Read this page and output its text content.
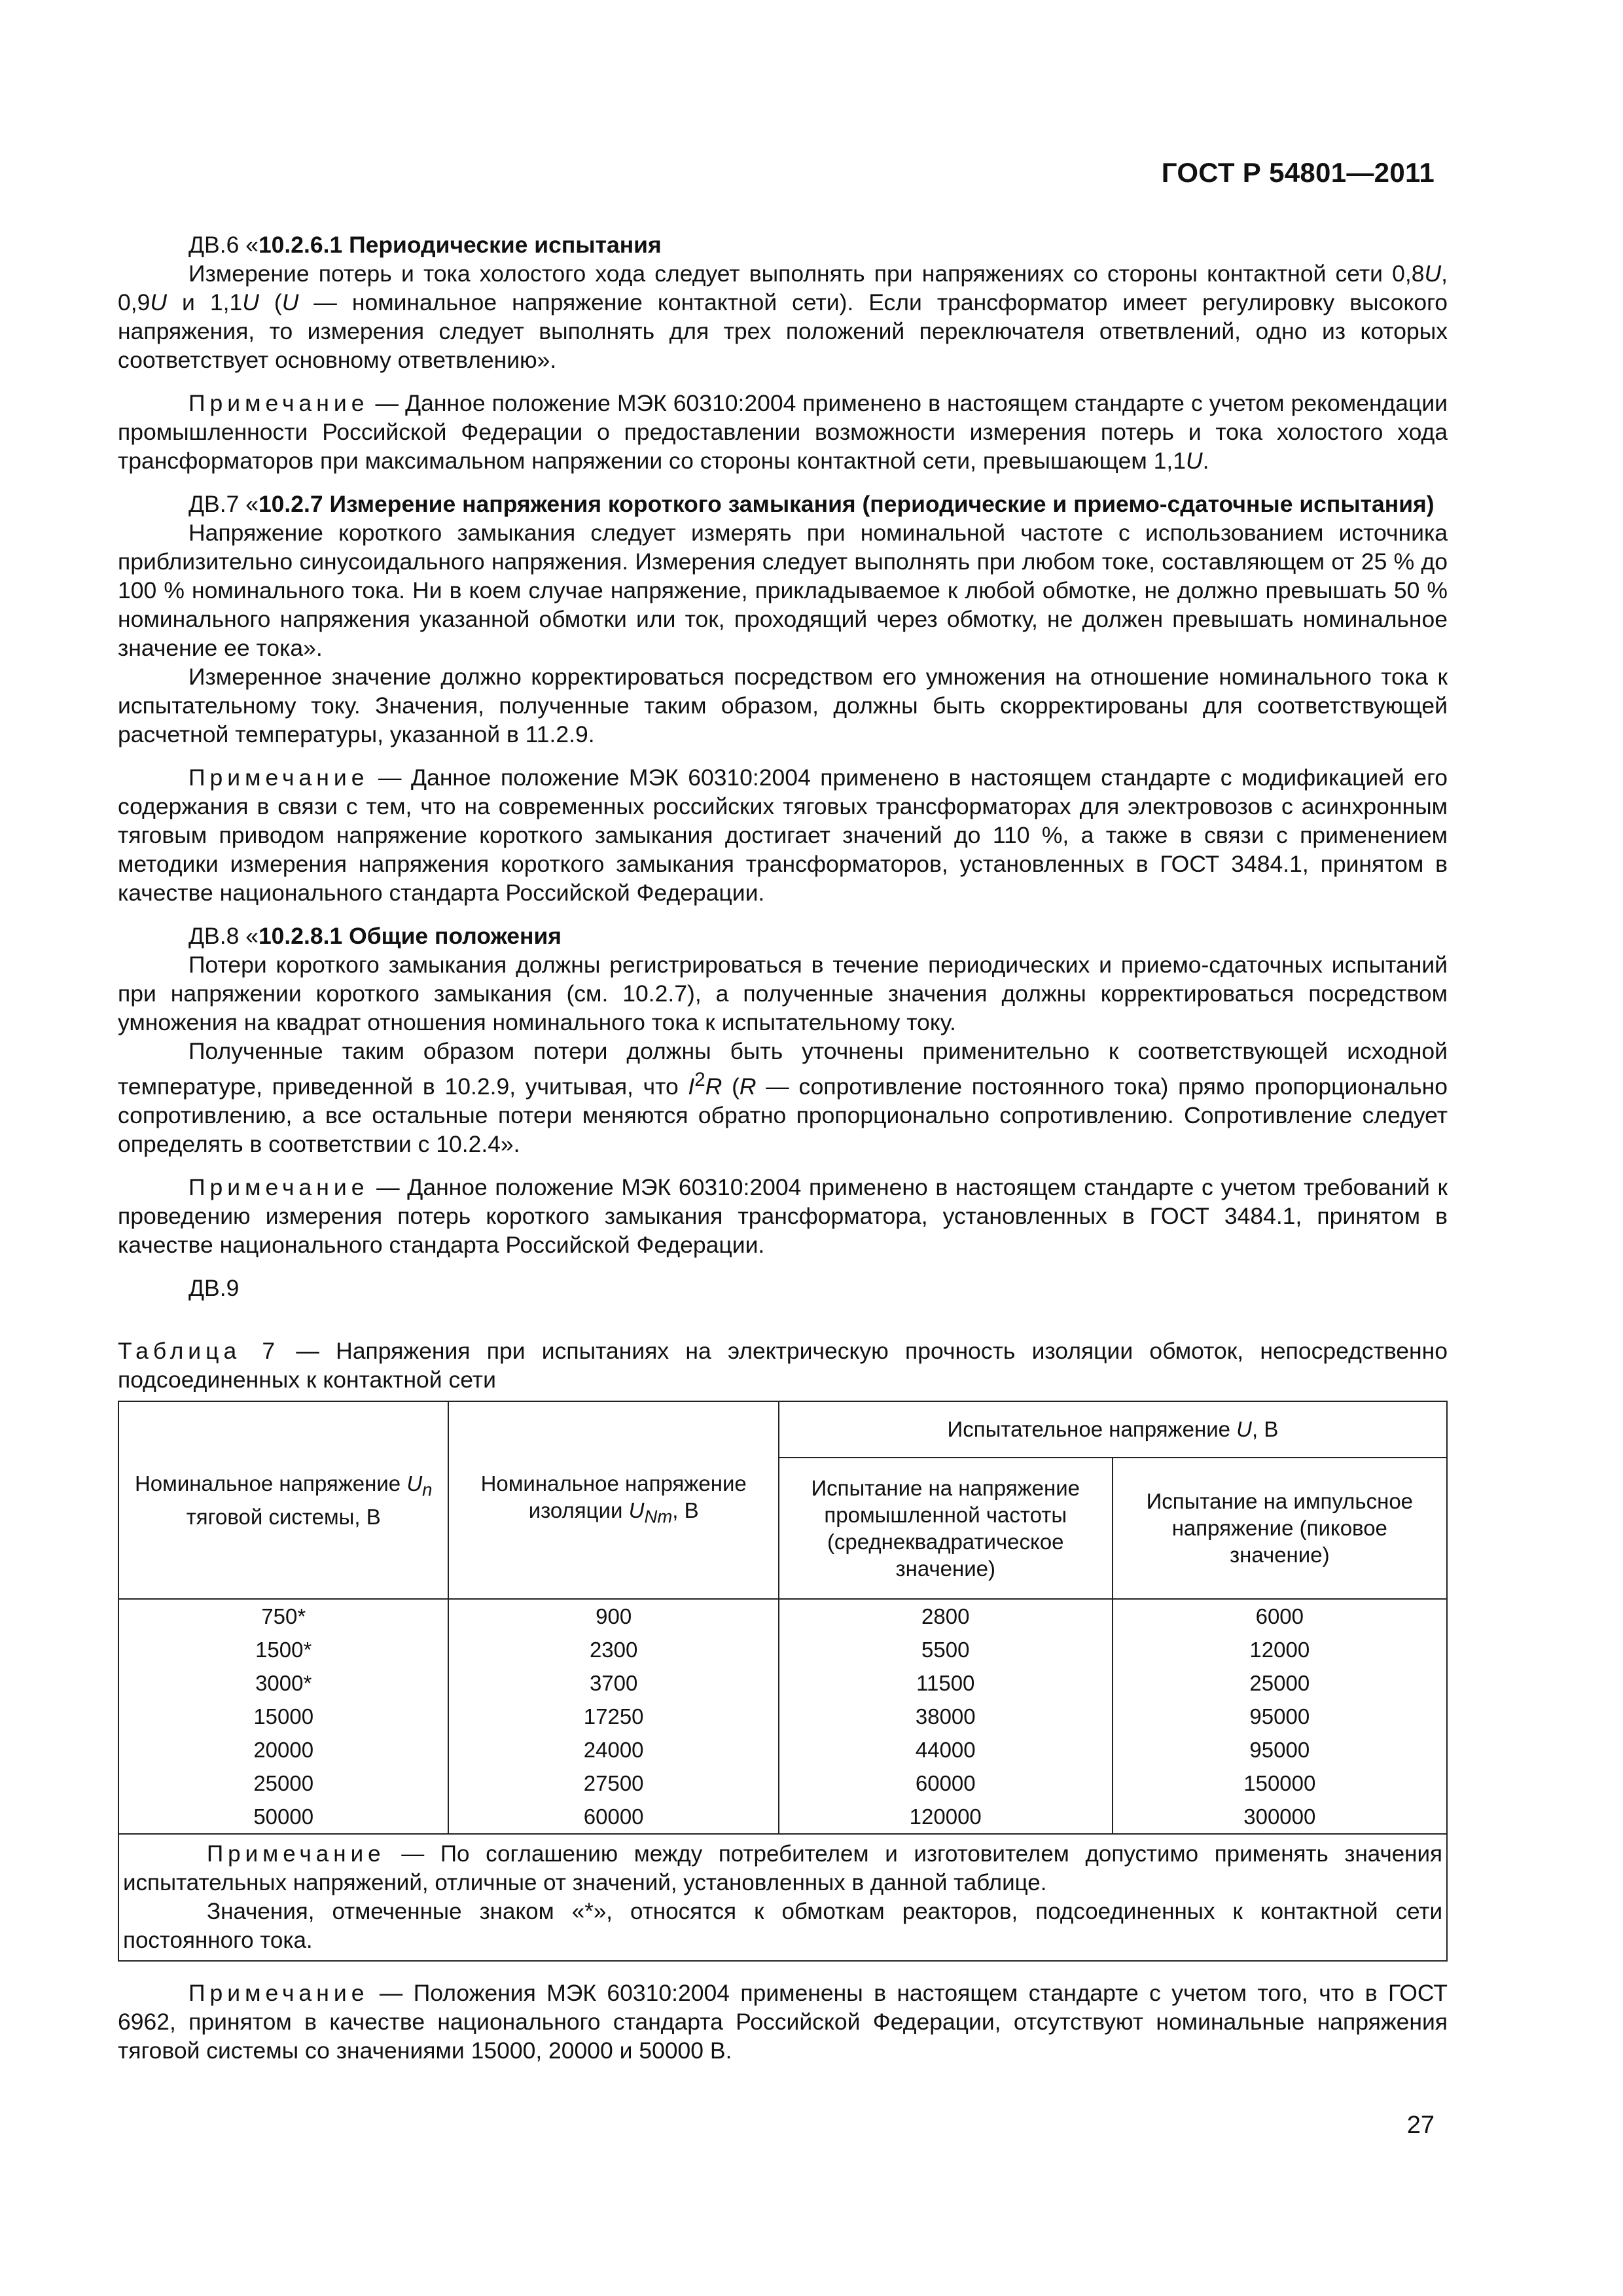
ГОСТ Р 54801—2011

ДВ.6 «10.2.6.1 Периодические испытания

Измерение потерь и тока холостого хода следует выполнять при напряжениях со стороны контактной сети 0,8U, 0,9U и 1,1U (U — номинальное напряжение контактной сети). Если трансформатор имеет регулировку высокого напряжения, то измерения следует выполнять для трех положений переключателя ответвлений, одно из которых соответствует основному ответвлению».

Примечание — Данное положение МЭК 60310:2004 применено в настоящем стандарте с учетом рекомендации промышленности Российской Федерации о предоставлении возможности измерения потерь и тока холостого хода трансформаторов при максимальном напряжении со стороны контактной сети, превышающем 1,1U.

ДВ.7 «10.2.7 Измерение напряжения короткого замыкания (периодические и приемо-сдаточные испытания)

Напряжение короткого замыкания следует измерять при номинальной частоте с использованием источника приблизительно синусоидального напряжения. Измерения следует выполнять при любом токе, составляющем от 25 % до 100 % номинального тока. Ни в коем случае напряжение, прикладываемое к любой обмотке, не должно превышать 50 % номинального напряжения указанной обмотки или ток, проходящий через обмотку, не должен превышать номинальное значение ее тока».

Измеренное значение должно корректироваться посредством его умножения на отношение номинального тока к испытательному току. Значения, полученные таким образом, должны быть скорректированы для соответствующей расчетной температуры, указанной в 11.2.9.

Примечание — Данное положение МЭК 60310:2004 применено в настоящем стандарте с модификацией его содержания в связи с тем, что на современных российских тяговых трансформаторах для электровозов с асинхронным тяговым приводом напряжение короткого замыкания достигает значений до 110 %, а также в связи с применением методики измерения напряжения короткого замыкания трансформаторов, установленных в ГОСТ 3484.1, принятом в качестве национального стандарта Российской Федерации.

ДВ.8 «10.2.8.1 Общие положения

Потери короткого замыкания должны регистрироваться в течение периодических и приемо-сдаточных испытаний при напряжении короткого замыкания (см. 10.2.7), а полученные значения должны корректироваться посредством умножения на квадрат отношения номинального тока к испытательному току.

Полученные таким образом потери должны быть уточнены применительно к соответствующей исходной температуре, приведенной в 10.2.9, учитывая, что $I^2R$ (R — сопротивление постоянного тока) прямо пропорционально сопротивлению, а все остальные потери меняются обратно пропорционально сопротивлению. Сопротивление следует определять в соответствии с 10.2.4».

Примечание — Данное положение МЭК 60310:2004 применено в настоящем стандарте с учетом требований к проведению измерения потерь короткого замыкания трансформатора, установленных в ГОСТ 3484.1, принятом в качестве национального стандарта Российской Федерации.

ДВ.9

Таблица 7 — Напряжения при испытаниях на электрическую прочность изоляции обмоток, непосредственно подсоединенных к контактной сети

Номинальное напряжение $U_n$ тяговой системы, В	Номинальное напряжение изоляции $U_{Nm}$, В	Испытательное напряжение U, В	
		Испытание на напряжение промышленной частоты (среднеквадратическое значение)	Испытание на импульсное напряжение (пиковое значение)
750*	900	2800	6000
1500*	2300	5500	12000
3000*	3700	11500	25000
15000	17250	38000	95000
20000	24000	44000	95000
25000	27500	60000	150000
50000	60000	120000	300000

Примечание — По соглашению между потребителем и изготовителем допустимо применять значения испытательных напряжений, отличные от значений, установленных в данной таблице.

Значения, отмеченные знаком «*», относятся к обмоткам реакторов, подсоединенных к контактной сети постоянного тока.			

Примечание — Положения МЭК 60310:2004 применены в настоящем стандарте с учетом того, что в ГОСТ 6962, принятом в качестве национального стандарта Российской Федерации, отсутствуют номинальные напряжения тяговой системы со значениями 15000, 20000 и 50000 В.

27
